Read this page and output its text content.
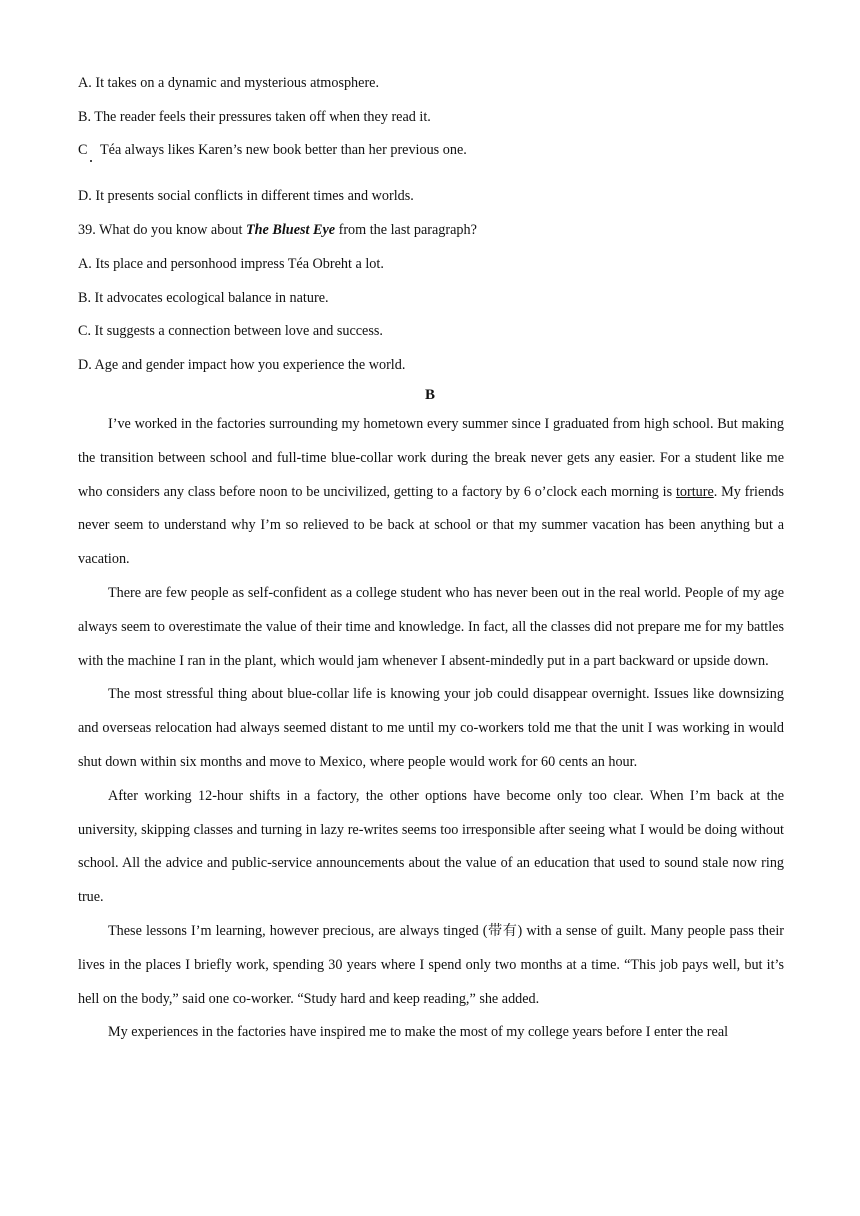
A. It takes on a dynamic and mysterious atmosphere.
B. The reader feels their pressures taken off when they read it.
C Téa always likes Karen’s new book better than her previous one.
D. It presents social conflicts in different times and worlds.
39. What do you know about The Bluest Eye from the last paragraph?
A. Its place and personhood impress Téa Obreht a lot.
B. It advocates ecological balance in nature.
C. It suggests a connection between love and success.
D. Age and gender impact how you experience the world.
B

I’ve worked in the factories surrounding my hometown every summer since I graduated from high school. But making the transition between school and full-time blue-collar work during the break never gets any easier. For a student like me who considers any class before noon to be uncivilized, getting to a factory by 6 o’clock each morning is torture. My friends never seem to understand why I’m so relieved to be back at school or that my summer vacation has been anything but a vacation.

There are few people as self-confident as a college student who has never been out in the real world. People of my age always seem to overestimate the value of their time and knowledge. In fact, all the classes did not prepare me for my battles with the machine I ran in the plant, which would jam whenever I absent-mindedly put in a part backward or upside down.

The most stressful thing about blue-collar life is knowing your job could disappear overnight. Issues like downsizing and overseas relocation had always seemed distant to me until my co-workers told me that the unit I was working in would shut down within six months and move to Mexico, where people would work for 60 cents an hour.

After working 12-hour shifts in a factory, the other options have become only too clear. When I’m back at the university, skipping classes and turning in lazy re-writes seems too irresponsible after seeing what I would be doing without school. All the advice and public-service announcements about the value of an education that used to sound stale now ring true.

These lessons I’m learning, however precious, are always tinged (带有) with a sense of guilt. Many people pass their lives in the places I briefly work, spending 30 years where I spend only two months at a time. “This job pays well, but it’s hell on the body,” said one co-worker. “Study hard and keep reading,” she added.

My experiences in the factories have inspired me to make the most of my college years before I enter the real
